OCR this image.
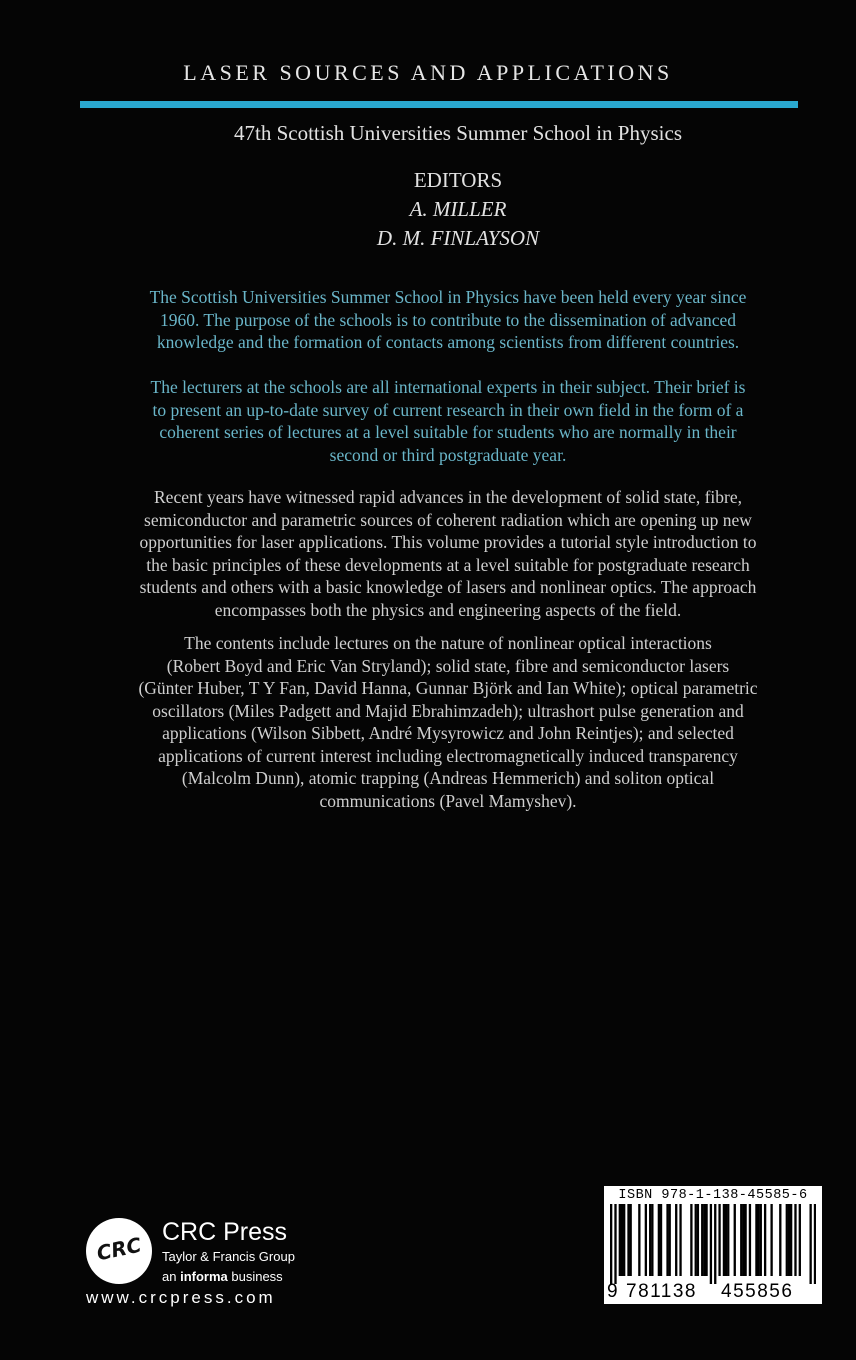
LASER SOURCES AND APPLICATIONS
47th Scottish Universities Summer School in Physics
EDITORS
A. MILLER
D. M. FINLAYSON
The Scottish Universities Summer School in Physics have been held every year since
1960. The purpose of the schools is to contribute to the dissemination of advanced
knowledge and the formation of contacts among scientists from different countries.
The lecturers at the schools are all international experts in their subject. Their brief is
to present an up-to-date survey of current research in their own field in the form of a
coherent series of lectures at a level suitable for students who are normally in their
second or third postgraduate year.
Recent years have witnessed rapid advances in the development of solid state, fibre,
semiconductor and parametric sources of coherent radiation which are opening up new
opportunities for laser applications. This volume provides a tutorial style introduction to
the basic principles of these developments at a level suitable for postgraduate research
students and others with a basic knowledge of lasers and nonlinear optics. The approach
encompasses both the physics and engineering aspects of the field.
The contents include lectures on the nature of nonlinear optical interactions
(Robert Boyd and Eric Van Stryland); solid state, fibre and semiconductor lasers
(Günter Huber, T Y Fan, David Hanna, Gunnar Björk and Ian White); optical parametric
oscillators (Miles Padgett and Majid Ebrahimzadeh); ultrashort pulse generation and
applications (Wilson Sibbett, André Mysyrowicz and John Reintjes); and selected
applications of current interest including electromagnetically induced transparency
(Malcolm Dunn), atomic trapping (Andreas Hemmerich) and soliton optical
communications (Pavel Mamyshev).
CRC
CRC Press
Taylor & Francis Group
an informa business
www.crcpress.com
ISBN 978-1-138-45585-6
9 781138 455856
